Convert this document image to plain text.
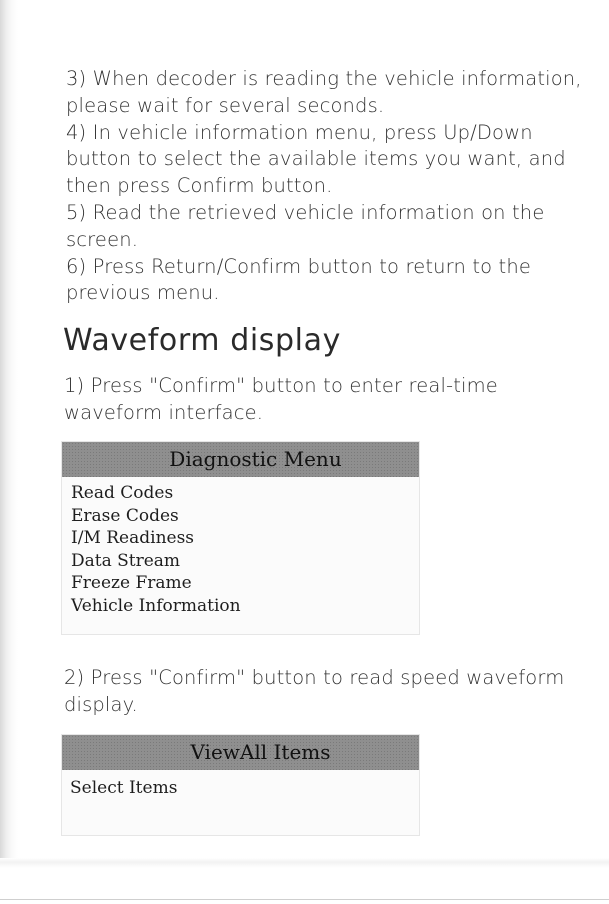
3) When decoder is reading the vehicle information, please wait for several seconds.

4) In vehicle information menu, press Up/Down button to select the available items you want, and then press Confirm button.

5) Read the retrieved vehicle information on the screen.

6) Press Return/Confirm button to return to the previous menu.

Waveform display

1) Press "Confirm" button to enter real-time waveform interface.

Diagnostic Menu
Read Codes
Erase Codes
I/M Readiness
Data Stream
Freeze Frame
Vehicle Information

2) Press "Confirm" button to read speed waveform display.

ViewAll Items
Select Items
